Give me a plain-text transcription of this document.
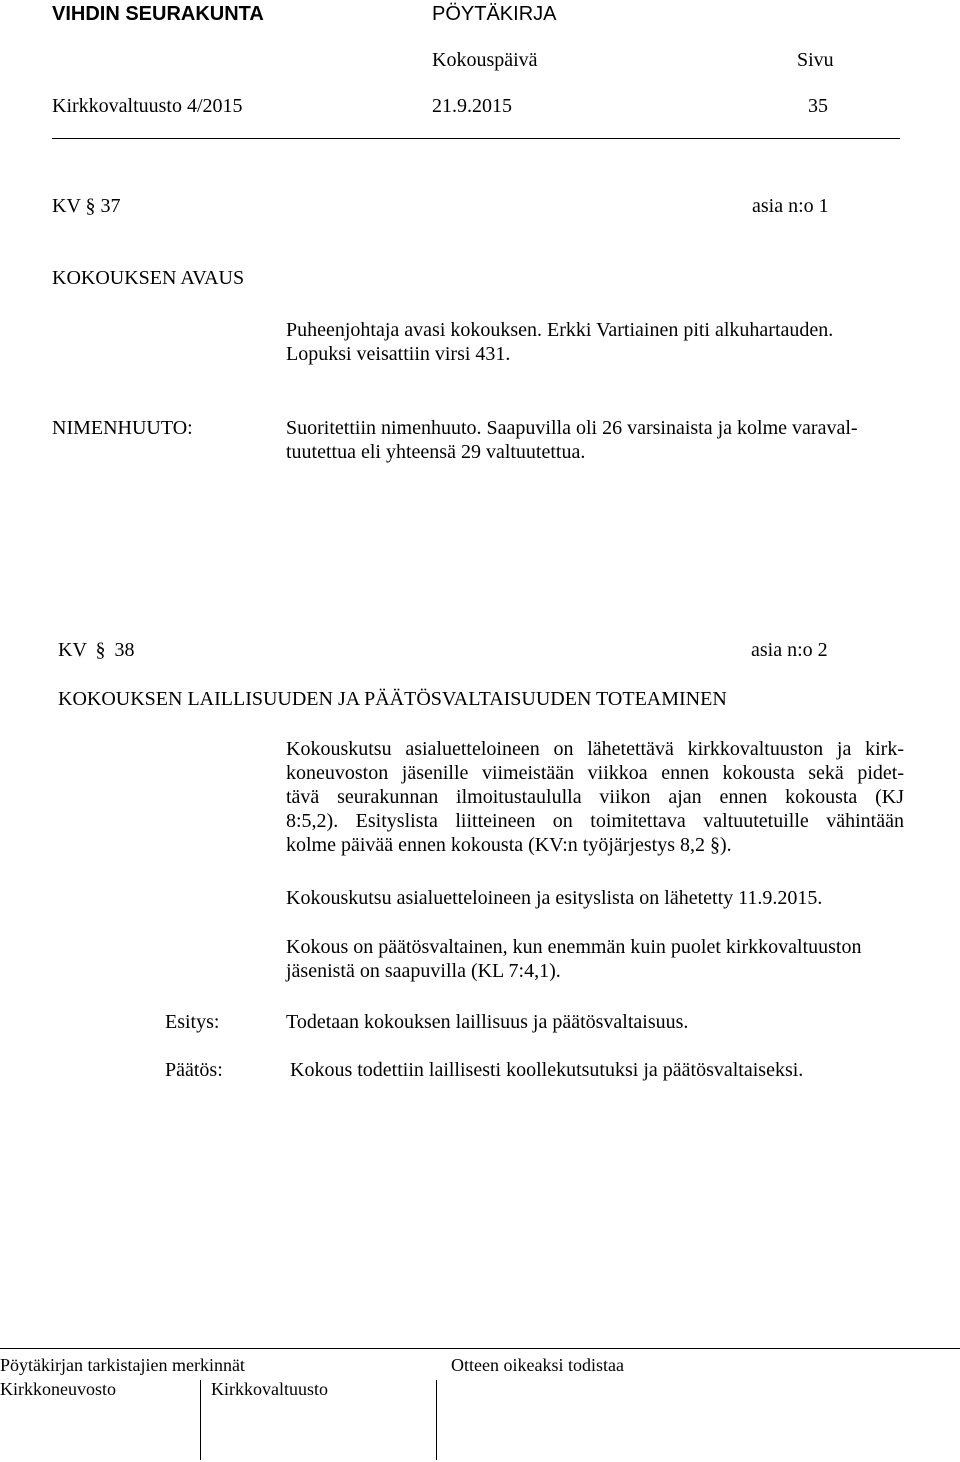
VIHDIN SEURAKUNTA	PÖYTÄKIRJA
Kokouspäivä	Sivu
Kirkkovaltuusto 4/2015	21.9.2015	35
KV § 37	asia n:o 1
KOKOUKSEN AVAUS
Puheenjohtaja avasi kokouksen. Erkki Vartiainen piti alkuhartauden.
Lopuksi veisattiin virsi 431.
NIMENHUUTO:	Suoritettiin nimenhuuto. Saapuvilla oli 26 varsinaista ja kolme varaval-
tuutettua eli yhteensä 29 valtuutettua.
KV § 38	asia n:o 2
KOKOUKSEN LAILLISUUDEN JA PÄÄTÖSVALTAISUUDEN TOTEAMINEN
Kokouskutsu asialuetteloineen on lähetettävä kirkkovaltuuston ja kirk-
koneuvoston jäsenille viimeistään viikkoa ennen kokousta sekä pidet-
tävä seurakunnan ilmoitustaululla viikon ajan ennen kokousta (KJ
8:5,2). Esityslista liitteineen on toimitettava valtuutetuille vähintään
kolme päivää ennen kokousta (KV:n työjärjestys 8,2 §).
Kokouskutsu asialuetteloineen ja esityslista on lähetetty 11.9.2015.
Kokous on päätösvaltainen, kun enemmän kuin puolet kirkkovaltuuston
jäsenistä on saapuvilla (KL 7:4,1).
Esitys:	Todetaan kokouksen laillisuus ja päätösvaltaisuus.
Päätös:	Kokous todettiin laillisesti koollekutsutuksi ja päätösvaltaiseksi.
Pöytäkirjan tarkistajien merkinnät	Otteen oikeaksi todistaa
Kirkkoneuvosto	Kirkkovaltuusto
